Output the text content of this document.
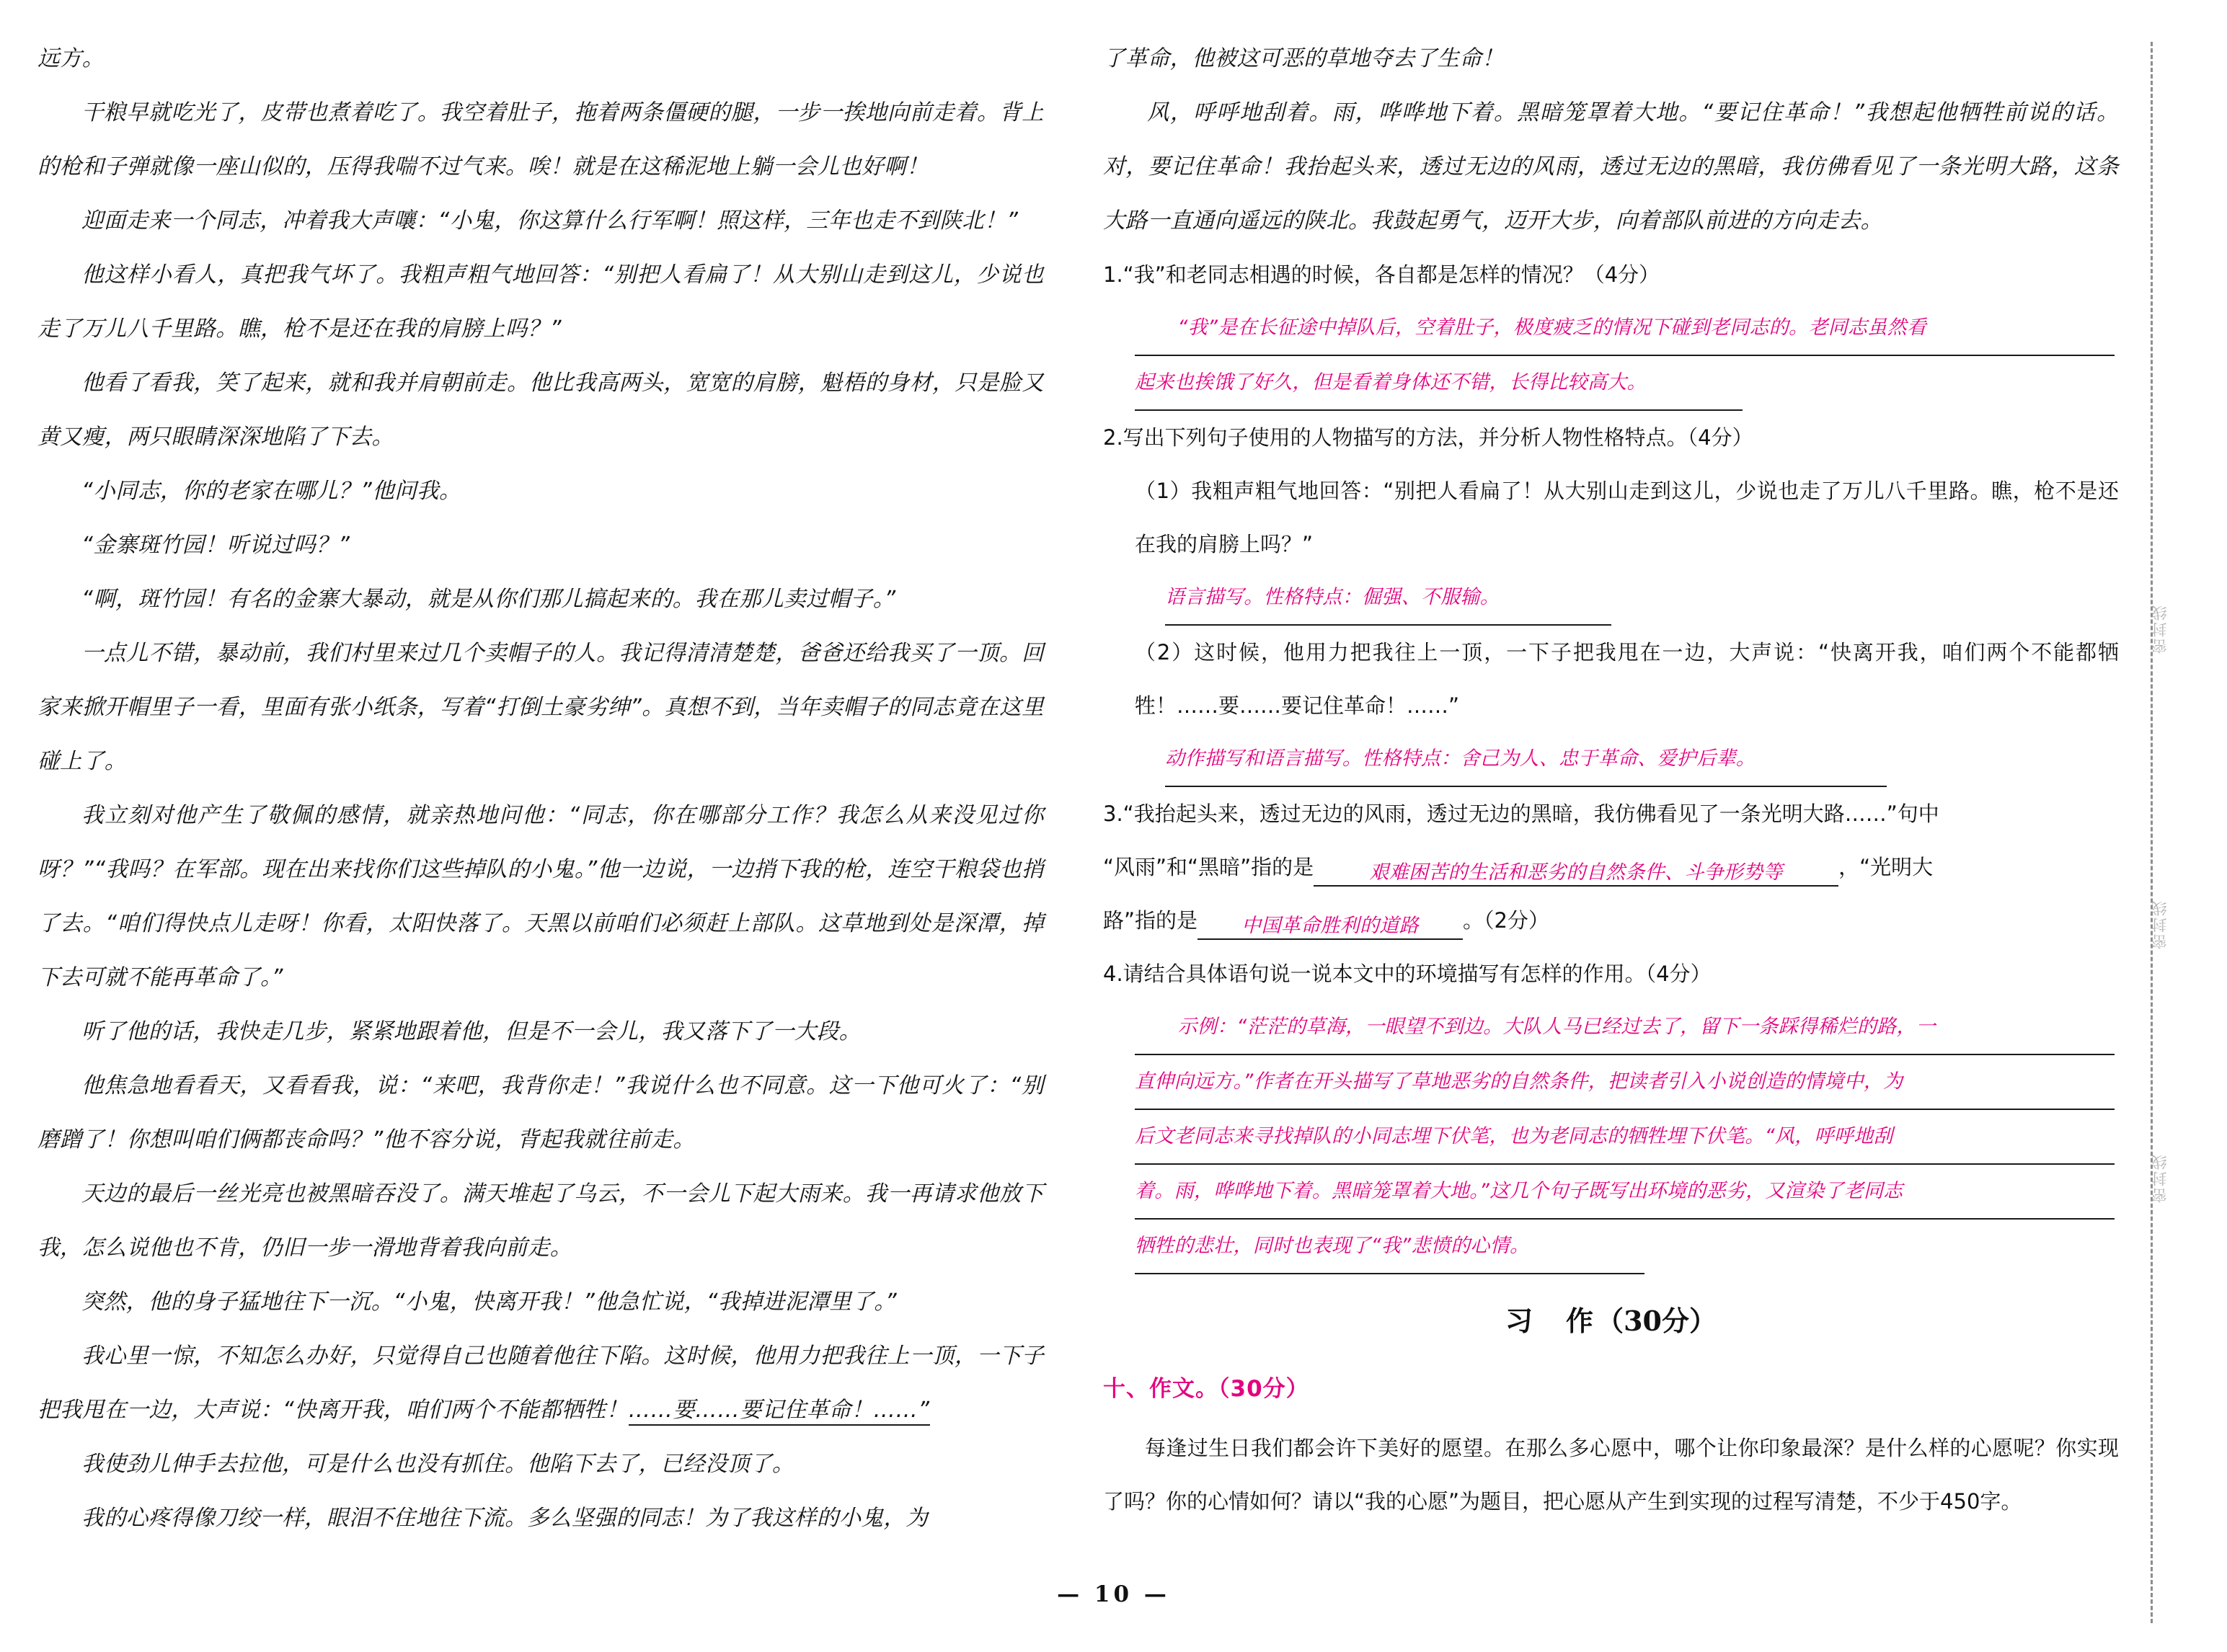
远方。

干粮早就吃光了，皮带也煮着吃了。我空着肚子，拖着两条僵硬的腿，一步一挨地向前走着。背上的枪和子弹就像一座山似的，压得我喘不过气来。唉！就是在这稀泥地上躺一会儿也好啊！

迎面走来一个同志，冲着我大声嚷：“小鬼，你这算什么行军啊！照这样，三年也走不到陕北！”

他这样小看人，真把我气坏了。我粗声粗气地回答：“别把人看扁了！从大别山走到这儿，少说也走了万儿八千里路。瞧，枪不是还在我的肩膀上吗？”

他看了看我，笑了起来，就和我并肩朝前走。他比我高两头，宽宽的肩膀，魁梧的身材，只是脸又黄又瘦，两只眼睛深深地陷了下去。

“小同志，你的老家在哪儿？”他问我。

“金寨斑竹园！听说过吗？”

“啊，斑竹园！有名的金寨大暴动，就是从你们那儿搞起来的。我在那儿卖过帽子。”

一点儿不错，暴动前，我们村里来过几个卖帽子的人。我记得清清楚楚，爸爸还给我买了一顶。回家来掀开帽里子一看，里面有张小纸条，写着“打倒土豪劣绅”。真想不到，当年卖帽子的同志竟在这里碰上了。

我立刻对他产生了敬佩的感情，就亲热地问他：“同志，你在哪部分工作？我怎么从来没见过你呀？”“我吗？在军部。现在出来找你们这些掉队的小鬼。”他一边说，一边捎下我的枪，连空干粮袋也捎了去。“咱们得快点儿走呀！你看，太阳快落了。天黑以前咱们必须赶上部队。这草地到处是深潭，掉下去可就不能再革命了。”

听了他的话，我快走几步，紧紧地跟着他，但是不一会儿，我又落下了一大段。

他焦急地看看天，又看看我，说：“来吧，我背你走！”我说什么也不同意。这一下他可火了：“别磨蹭了！你想叫咱们俩都丧命吗？”他不容分说，背起我就往前走。

天边的最后一丝光亮也被黑暗吞没了。满天堆起了乌云，不一会儿下起大雨来。我一再请求他放下我，怎么说他也不肯，仍旧一步一滑地背着我向前走。

突然，他的身子猛地往下一沉。“小鬼，快离开我！”他急忙说，“我掉进泥潭里了。”

我心里一惊，不知怎么办好，只觉得自己也随着他往下陷。这时候，他用力把我往上一顶，一下子把我甩在一边，大声说：“快离开我，咱们两个不能都牺牲！……要……要记住革命！……”

我使劲儿伸手去拉他，可是什么也没有抓住。他陷下去了，已经没顶了。

我的心疼得像刀绞一样，眼泪不住地往下流。多么坚强的同志！为了我这样的小鬼，为

了革命，他被这可恶的草地夺去了生命！

风，呼呼地刮着。雨，哗哗地下着。黑暗笼罩着大地。“要记住革命！”我想起他牺牲前说的话。对，要记住革命！我抬起头来，透过无边的风雨，透过无边的黑暗，我仿佛看见了一条光明大路，这条大路一直通向遥远的陕北。我鼓起勇气，迈开大步，向着部队前进的方向走去。

1.“我”和老同志相遇的时候，各自都是怎样的情况？（4分）

“我”是在长征途中掉队后，空着肚子，极度疲乏的情况下碰到老同志的。老同志虽然看
起来也挨饿了好久，但是看着身体还不错，长得比较高大。

2.写出下列句子使用的人物描写的方法，并分析人物性格特点。（4分）

（1）我粗声粗气地回答：“别把人看扁了！从大别山走到这儿，少说也走了万儿八千里路。瞧，枪不是还在我的肩膀上吗？”

语言描写。性格特点：倔强、不服输。

（2）这时候，他用力把我往上一顶，一下子把我甩在一边，大声说：“快离开我，咱们两个不能都牺牲！……要……要记住革命！……”

动作描写和语言描写。性格特点：舍己为人、忠于革命、爱护后辈。

3.“我抬起头来，透过无边的风雨，透过无边的黑暗，我仿佛看见了一条光明大路……”句中

“风雨”和“黑暗”指的是	艰难困苦的生活和恶劣的自然条件、斗争形势等	，“光明大

路”指的是 中国革命胜利的道路 。（2分）

4.请结合具体语句说一说本文中的环境描写有怎样的作用。（4分）

示例：“茫茫的草海，一眼望不到边。大队人马已经过去了，留下一条踩得稀烂的路，一
直伸向远方。”作者在开头描写了草地恶劣的自然条件，把读者引入小说创造的情境中，为
后文老同志来寻找掉队的小同志埋下伏笔，也为老同志的牺牲埋下伏笔。“风，呼呼地刮
着。雨，哗哗地下着。黑暗笼罩着大地。”这几个句子既写出环境的恶劣，又渲染了老同志
牺牲的悲壮，同时也表现了“我”悲愤的心情。
习　作（30分）
十、作文。（30分）

每逢过生日我们都会许下美好的愿望。在那么多心愿中，哪个让你印象最深？是什么样的心愿呢？你实现了吗？你的心情如何？请以“我的心愿”为题目，把心愿从产生到实现的过程写清楚，不少于450字。

密封线
密封线
密封线
— 10 —
